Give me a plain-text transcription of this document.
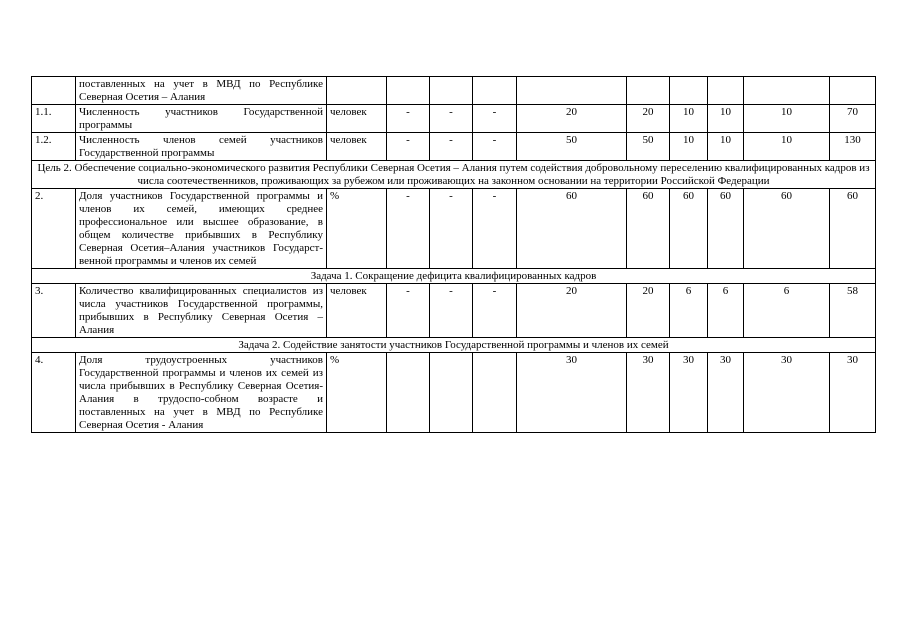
	поставленных на учет в МВД по Республике Северная Осетия – Алания										
1.1.	Численность участников Государственной программы	человек	-	-	-	20	20	10	10	10	70
1.2.	Численность членов семей участников Государственной программы	человек	-	-	-	50	50	10	10	10	130
Цель 2. Обеспечение социально-экономического развития Республики Северная Осетия – Алания путем содействия добровольному переселению квалифицированных кадров из числа соотечественников, проживающих за рубежом или проживающих на законном основании на территории Российской Федерации											
2.	Доля участников Государственной программы и членов их семей, имеющих среднее профессиональное или высшее образование, в общем количестве прибывших в Республику Северная Осетия–Алания участников Государст-венной программы и членов их семей	%	-	-	-	60	60	60	60	60	60
Задача 1. Сокращение дефицита квалифицированных кадров											
3.	Количество квалифицированных специалистов из числа участников Государственной программы, прибывших в Республику Северная Осетия – Алания	человек	-	-	-	20	20	6	6	6	58
Задача 2. Содействие занятости участников Государственной программы и членов их семей											
4.	Доля трудоустроенных участников Государственной программы и членов их семей из числа прибывших в Республику Северная Осетия-Алания в трудоспо-собном возрасте и поставленных на учет в МВД по Республике Северная Осетия - Алания	%				30	30	30	30	30	30
